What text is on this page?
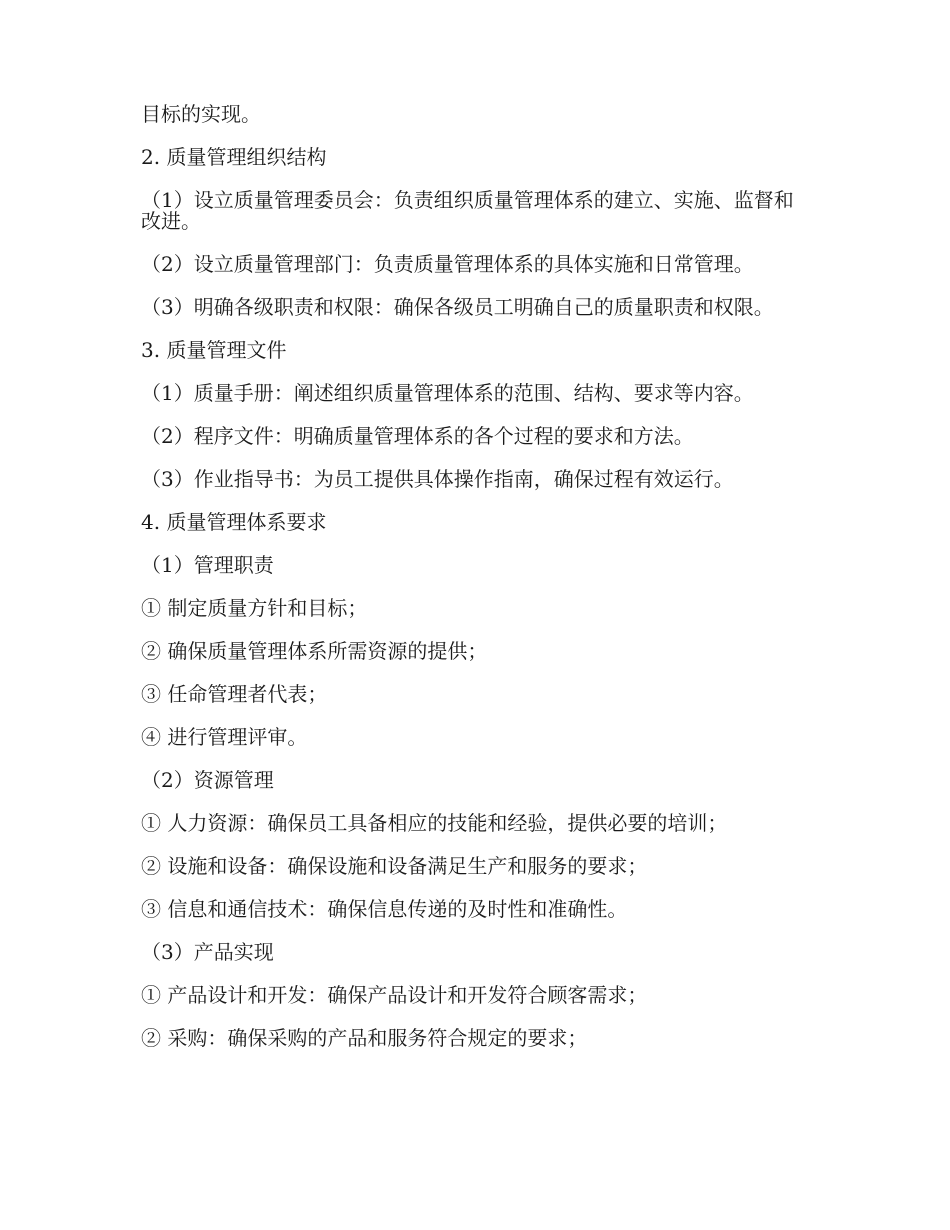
目标的实现。

2. 质量管理组织结构

（1）设立质量管理委员会：负责组织质量管理体系的建立、实施、监督和改进。

（2）设立质量管理部门：负责质量管理体系的具体实施和日常管理。

（3）明确各级职责和权限：确保各级员工明确自己的质量职责和权限。

3. 质量管理文件

（1）质量手册：阐述组织质量管理体系的范围、结构、要求等内容。

（2）程序文件：明确质量管理体系的各个过程的要求和方法。

（3）作业指导书：为员工提供具体操作指南，确保过程有效运行。

4. 质量管理体系要求

（1）管理职责

① 制定质量方针和目标；

② 确保质量管理体系所需资源的提供；

③ 任命管理者代表；

④ 进行管理评审。

（2）资源管理

① 人力资源：确保员工具备相应的技能和经验，提供必要的培训；

② 设施和设备：确保设施和设备满足生产和服务的要求；

③ 信息和通信技术：确保信息传递的及时性和准确性。

（3）产品实现

① 产品设计和开发：确保产品设计和开发符合顾客需求；

② 采购：确保采购的产品和服务符合规定的要求；
